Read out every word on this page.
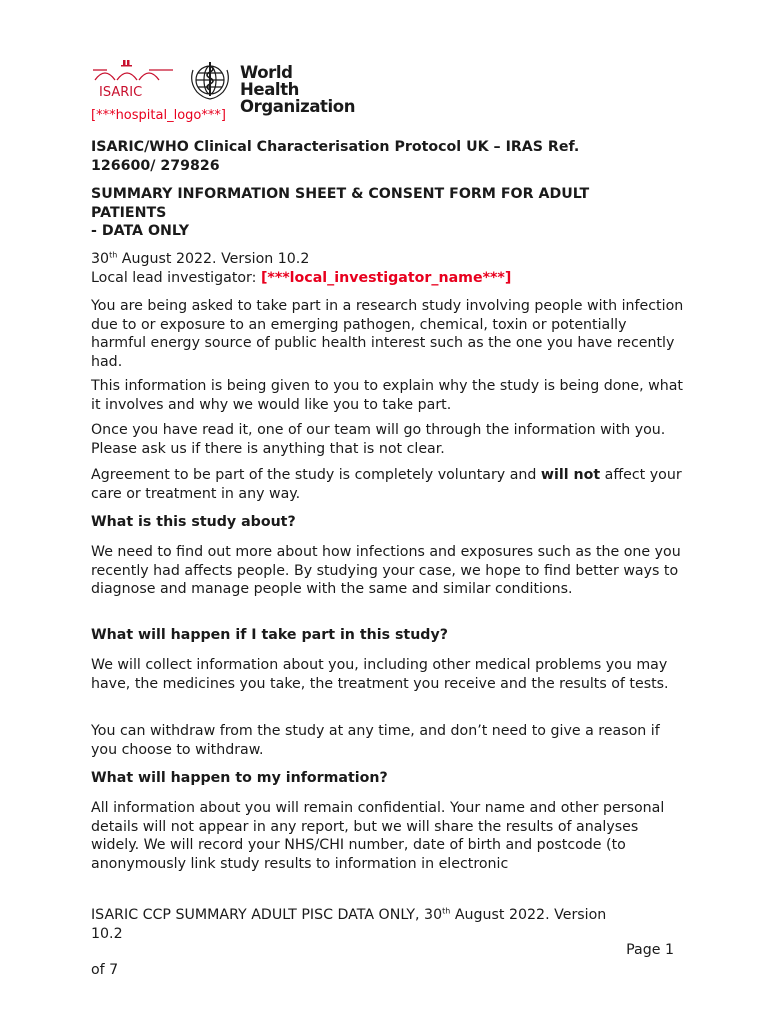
ISARIC
World Health
Organization
[***hospital_logo***]
ISARIC/WHO Clinical Characterisation Protocol UK – IRAS Ref.
126600/ 279826
SUMMARY INFORMATION SHEET & CONSENT FORM FOR ADULT
PATIENTS
- DATA ONLY
30th August 2022. Version 10.2
Local lead investigator: [***local_investigator_name***]
You are being asked to take part in a research study involving people with infection due to or exposure to an emerging pathogen, chemical, toxin or potentially harmful energy source of public health interest such as the one you have recently had.
This information is being given to you to explain why the study is being done, what it involves and why we would like you to take part.
Once you have read it, one of our team will go through the information with you. Please ask us if there is anything that is not clear.
Agreement to be part of the study is completely voluntary and will not affect your care or treatment in any way.
What is this study about?
We need to find out more about how infections and exposures such as the one you recently had affects people. By studying your case, we hope to find better ways to diagnose and manage people with the same and similar conditions.
What will happen if I take part in this study?
We will collect information about you, including other medical problems you may have, the medicines you take, the treatment you receive and the results of tests.
You can withdraw from the study at any time, and don’t need to give a reason if you choose to withdraw.
What will happen to my information?
All information about you will remain confidential. Your name and other personal details will not appear in any report, but we will share the results of analyses widely. We will record your NHS/CHI number, date of birth and postcode (to anonymously link study results to information in electronic
ISARIC CCP SUMMARY ADULT PISC DATA ONLY, 30th August 2022. Version
10.2
Page 1
of 7
